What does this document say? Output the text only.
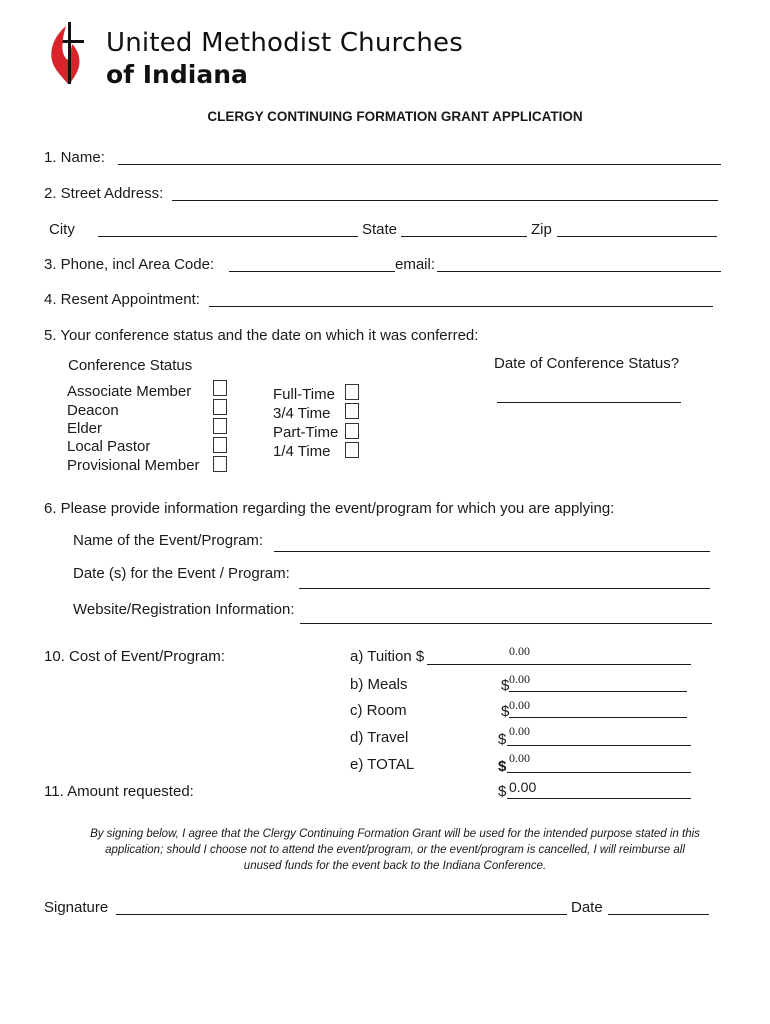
United Methodist Churches
of Indiana
CLERGY CONTINUING FORMATION GRANT APPLICATION
1. Name:
2. Street Address:
City	State	Zip
3. Phone, incl Area Code:	email:
4. Resent Appointment:
5. Your conference status and the date on which it was conferred:
Conference Status	Date of Conference Status?
Associate Member
Deacon
Elder
Local Pastor
Provisional Member
Full-Time
3/4 Time
Part-Time
1/4 Time
6. Please provide information regarding the event/program for which you are applying:
Name of the Event/Program:
Date (s) for the Event / Program:
Website/Registration Information:
10. Cost of Event/Program:	a) Tuition $	0.00
b) Meals	$ 0.00
c) Room	$ 0.00
d) Travel	$ 0.00
e) TOTAL	$ 0.00
11. Amount requested:	$ 0.00
By signing below, I agree that the Clergy Continuing Formation Grant will be used for the intended purpose stated in this
application; should I choose not to attend the event/program, or the event/program is cancelled, I will reimburse all
unused funds for the event back to the Indiana Conference.
Signature	Date
